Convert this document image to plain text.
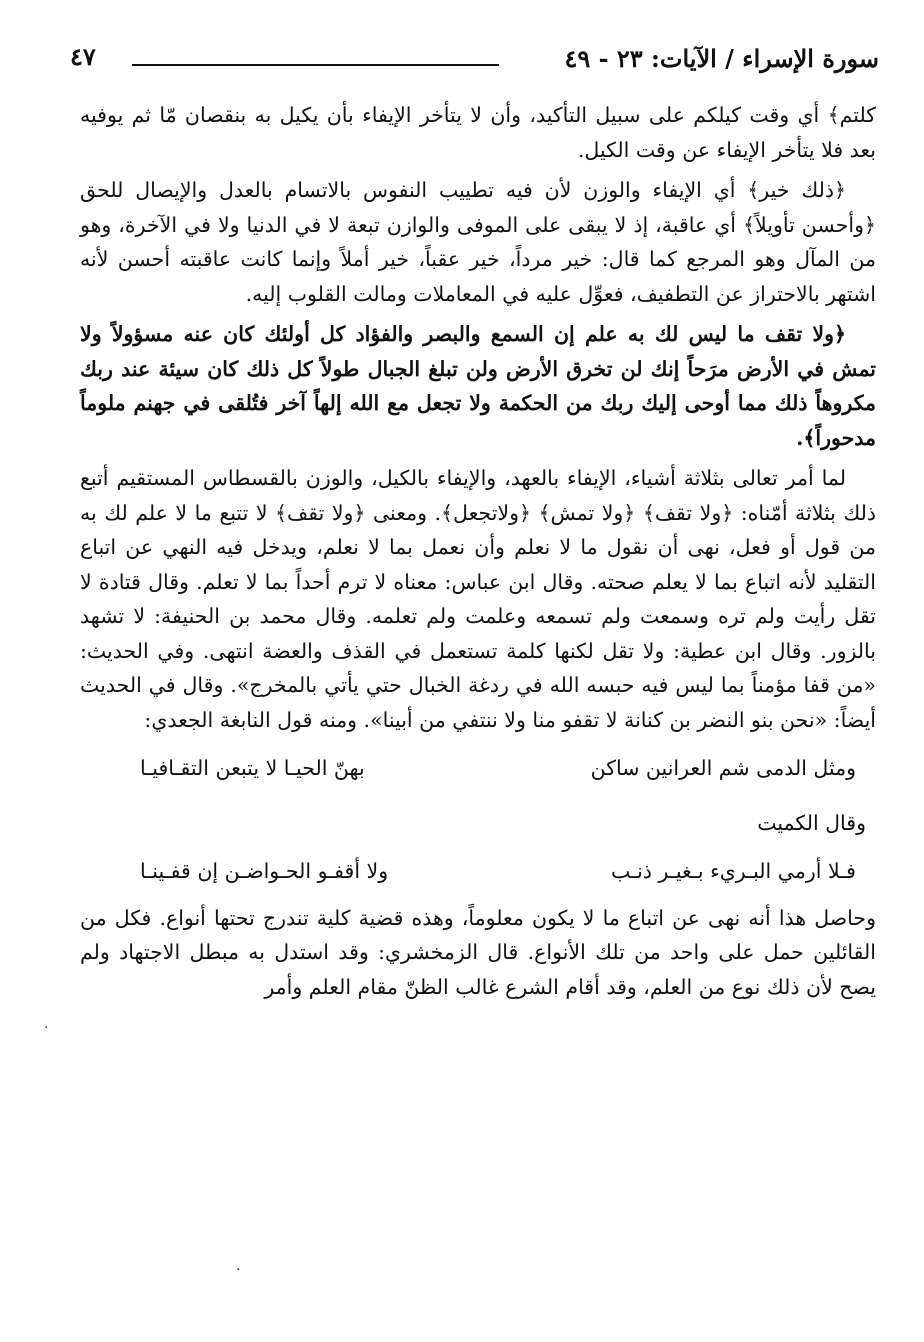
سورة الإسراء / الآيات: ٢٣ - ٤٩
٤٧

كلتم﴾ أي وقت كيلكم على سبيل التأكيد، وأن لا يتأخر الإيفاء بأن يكيل به بنقصان مّا ثم يوفيه بعد فلا يتأخر الإيفاء عن وقت الكيل.

﴿ذلك خير﴾ أي الإيفاء والوزن لأن فيه تطييب النفوس بالاتسام بالعدل والإيصال للحق ﴿وأحسن تأويلاً﴾ أي عاقبة، إذ لا يبقى على الموفى والوازن تبعة لا في الدنيا ولا في الآخرة، وهو من المآل وهو المرجع كما قال: خير مرداً، خير عقباً، خير أملاً وإنما كانت عاقبته أحسن لأنه اشتهر بالاحتراز عن التطفيف، فعوِّل عليه في المعاملات ومالت القلوب إليه.

﴿ولا تقف ما ليس لك به علم إن السمع والبصر والفؤاد كل أولئك كان عنه مسؤولاً ولا تمش في الأرض مرَحاً إنك لن تخرق الأرض ولن تبلغ الجبال طولاً كل ذلك كان سيئة عند ربك مكروهاً ذلك مما أوحى إليك ربك من الحكمة ولا تجعل مع الله إلهاً آخر فتُلقى في جهنم ملوماً مدحوراً﴾.

لما أمر تعالى بثلاثة أشياء، الإيفاء بالعهد، والإيفاء بالكيل، والوزن بالقسطاس المستقيم أتبع ذلك بثلاثة أمّناه: ﴿ولا تقف﴾ ﴿ولا تمش﴾ ﴿ولاتجعل﴾. ومعنى ﴿ولا تقف﴾ لا تتبع ما لا علم لك به من قول أو فعل، نهى أن نقول ما لا نعلم وأن نعمل بما لا نعلم، ويدخل فيه النهي عن اتباع التقليد لأنه اتباع بما لا يعلم صحته. وقال ابن عباس: معناه لا ترم أحداً بما لا تعلم. وقال قتادة لا تقل رأيت ولم تره وسمعت ولم تسمعه وعلمت ولم تعلمه. وقال محمد بن الحنيفة: لا تشهد بالزور. وقال ابن عطية: ولا تقل لكنها كلمة تستعمل في القذف والعضة انتهى. وفي الحديث: «من قفا مؤمناً بما ليس فيه حبسه الله في ردغة الخبال حتي يأتي بالمخرج». وقال في الحديث أيضاً: «نحن بنو النضر بن كنانة لا تقفو منا ولا ننتفي من أبينا». ومنه قول النابغة الجعدي:

ومثل الدمى شم العرانين ساكن
بهنّ الحيـا لا يتبعن التقـافيـا

وقال الكميت

فـلا أرمي البـريء بـغيـر ذنـب
ولا أقفـو الحـواضـن إن قفـينـا

وحاصل هذا أنه نهى عن اتباع ما لا يكون معلوماً، وهذه قضية كلية تندرج تحتها أنواع. فكل من القائلين حمل على واحد من تلك الأنواع. قال الزمخشري: وقد استدل به مبطل الاجتهاد ولم يصح لأن ذلك نوع من العلم، وقد أقام الشرع غالب الظنّ مقام العلم وأمر

·
·
